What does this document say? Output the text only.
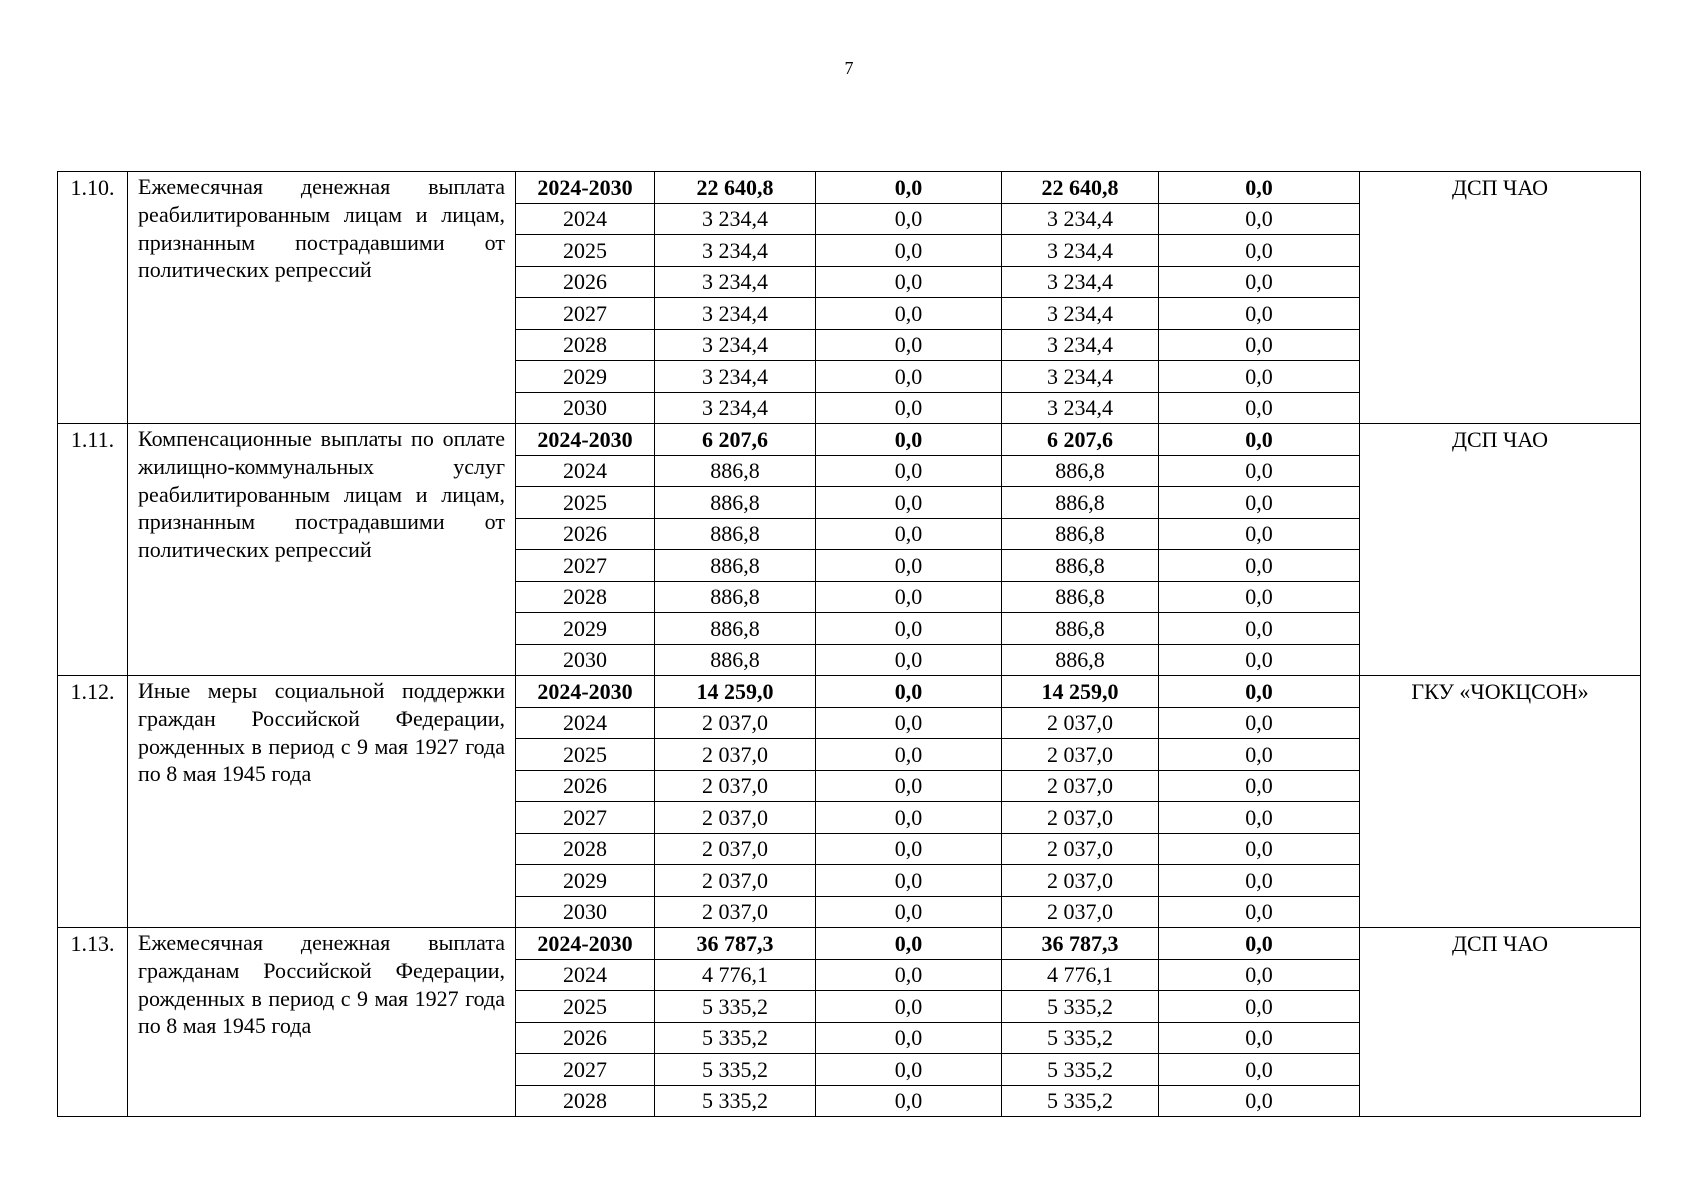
7
1.10.	Ежемесячная денежная выплата реабилитированным лицам и лицам, признанным пострадавшими от политических репрессий	2024-2030	22 640,8	0,0	22 640,8	0,0	ДСП ЧАО
		2024	3 234,4	0,0	3 234,4	0,0	
		2025	3 234,4	0,0	3 234,4	0,0	
		2026	3 234,4	0,0	3 234,4	0,0	
		2027	3 234,4	0,0	3 234,4	0,0	
		2028	3 234,4	0,0	3 234,4	0,0	
		2029	3 234,4	0,0	3 234,4	0,0	
		2030	3 234,4	0,0	3 234,4	0,0	
1.11.	Компенсационные выплаты по оплате жилищно-коммунальных услуг реабилитированным лицам и лицам, признанным пострадавшими от политических репрессий	2024-2030	6 207,6	0,0	6 207,6	0,0	ДСП ЧАО
		2024	886,8	0,0	886,8	0,0	
		2025	886,8	0,0	886,8	0,0	
		2026	886,8	0,0	886,8	0,0	
		2027	886,8	0,0	886,8	0,0	
		2028	886,8	0,0	886,8	0,0	
		2029	886,8	0,0	886,8	0,0	
		2030	886,8	0,0	886,8	0,0	
1.12.	Иные меры социальной поддержки граждан Российской Федерации, рожденных в период с 9 мая 1927 года по 8 мая 1945 года	2024-2030	14 259,0	0,0	14 259,0	0,0	ГКУ «ЧОКЦСОН»
		2024	2 037,0	0,0	2 037,0	0,0	
		2025	2 037,0	0,0	2 037,0	0,0	
		2026	2 037,0	0,0	2 037,0	0,0	
		2027	2 037,0	0,0	2 037,0	0,0	
		2028	2 037,0	0,0	2 037,0	0,0	
		2029	2 037,0	0,0	2 037,0	0,0	
		2030	2 037,0	0,0	2 037,0	0,0	
1.13.	Ежемесячная денежная выплата гражданам Российской Федерации, рожденных в период с 9 мая 1927 года по 8 мая 1945 года	2024-2030	36 787,3	0,0	36 787,3	0,0	ДСП ЧАО
		2024	4 776,1	0,0	4 776,1	0,0	
		2025	5 335,2	0,0	5 335,2	0,0	
		2026	5 335,2	0,0	5 335,2	0,0	
		2027	5 335,2	0,0	5 335,2	0,0	
		2028	5 335,2	0,0	5 335,2	0,0	
